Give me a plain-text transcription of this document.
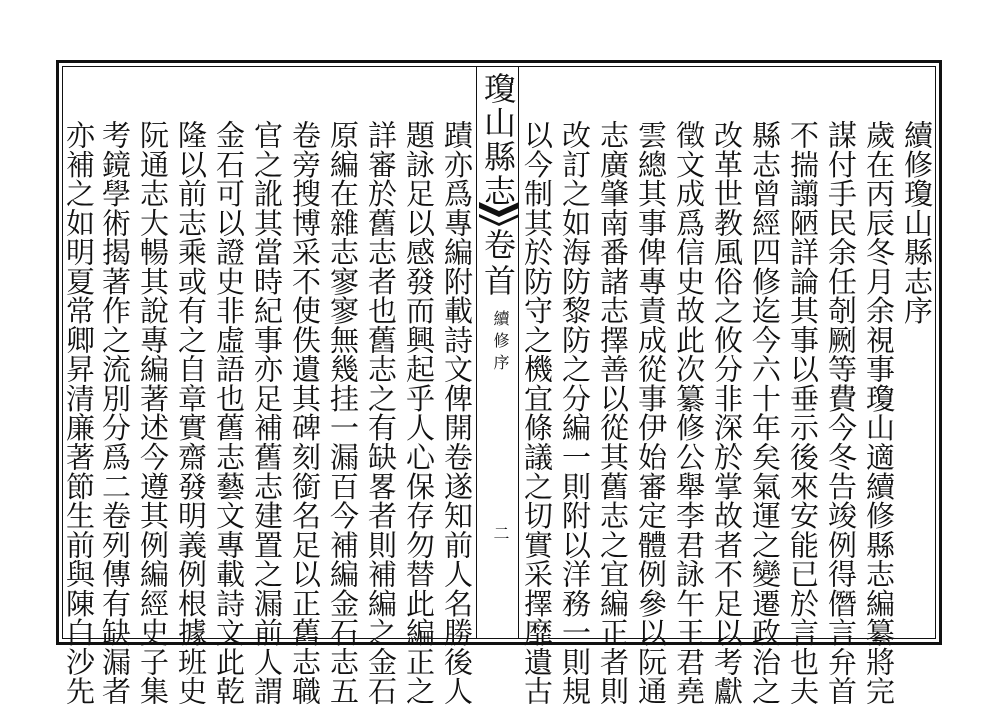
續修瓊山縣志序
歲在丙辰冬月余視事瓊山適續修縣志編纂將完
謀付手民余任剞劂等費今冬告竣例得僭言弁首
不揣譾陋詳論其事以垂示後來安能已於言也夫
縣志曾經四修迄今六十年矣氣運之變遷政治之
改革世教風俗之攸分非深於掌故者不足以考獻
徵文成爲信史故此次纂修公舉李君詠午王君堯
雲總其事俾專責成從事伊始審定體例參以阮通
志廣肇南番諸志擇善以從其舊志之宜編正者則
改訂之如海防黎防之分編一則附以洋務一則規
以今制其於防守之機宜條議之切實采擇靡遺古
瓊山縣志
卷首
續修序
二
蹟亦爲專編附載詩文俾開卷遂知前人名勝後人
題詠足以感發而興起乎人心保存勿替此編正之
詳審於舊志者也舊志之有缺畧者則補編之金石
原編在雜志寥寥無幾挂一漏百今補編金石志五
卷旁搜博采不使佚遺其碑刻銜名足以正舊志職
官之訛其當時紀事亦足補舊志建置之漏前人謂
金石可以證史非虛語也舊志藝文專載詩文此乾
隆以前志乘或有之自章實齋發明義例根據班史
阮通志大暢其說專編著述今遵其例編經史子集
考鏡學術揭著作之流別分爲二卷列傳有缺漏者
亦補之如明夏常卿昇清廉著節生前與陳白沙先
